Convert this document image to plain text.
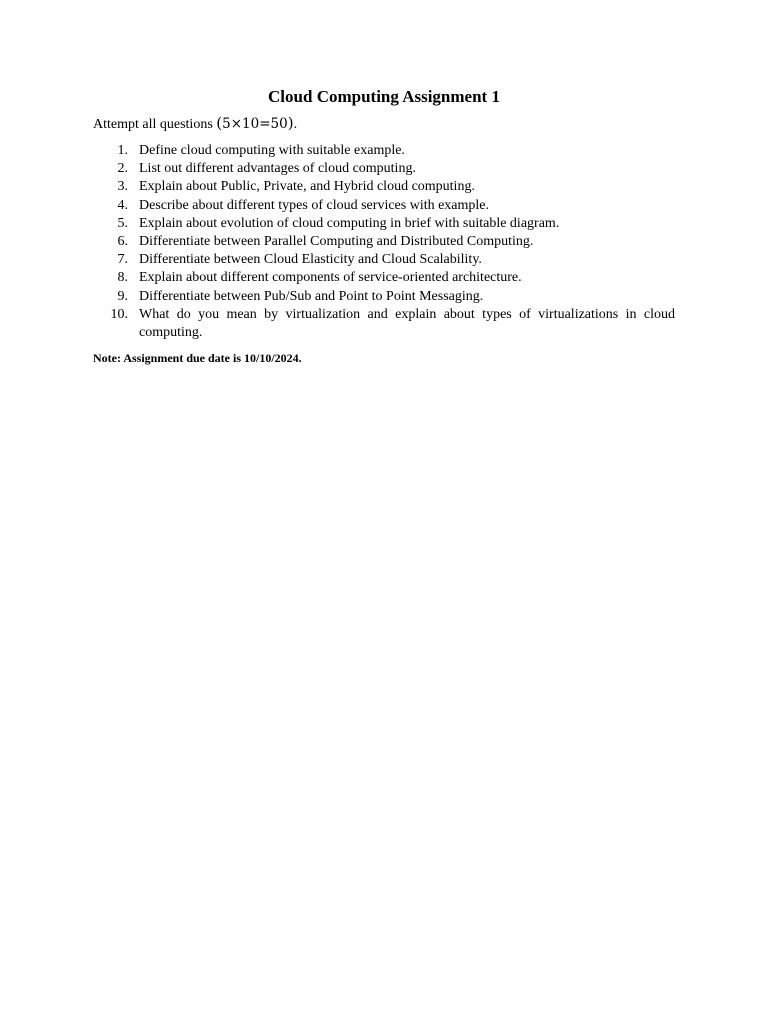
Cloud Computing Assignment 1

Attempt all questions (5×10=50).

1. Define cloud computing with suitable example.
2. List out different advantages of cloud computing.
3. Explain about Public, Private, and Hybrid cloud computing.
4. Describe about different types of cloud services with example.
5. Explain about evolution of cloud computing in brief with suitable diagram.
6. Differentiate between Parallel Computing and Distributed Computing.
7. Differentiate between Cloud Elasticity and Cloud Scalability.
8. Explain about different components of service-oriented architecture.
9. Differentiate between Pub/Sub and Point to Point Messaging.
10. What do you mean by virtualization and explain about types of virtualizations in cloud computing.

Note: Assignment due date is 10/10/2024.
